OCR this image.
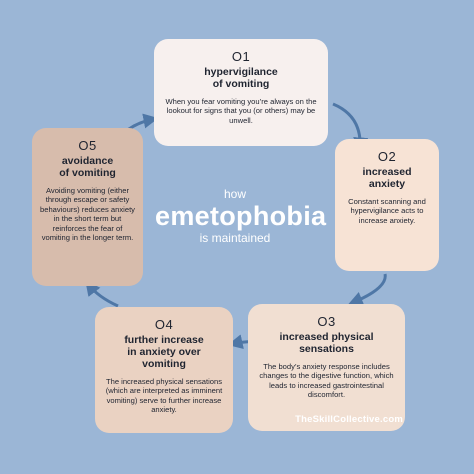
O1
hypervigilance
of vomiting
When you fear vomiting you’re always on the lookout for signs that you (or others) may be unwell.
O2
increased
anxiety
Constant scanning and hypervigilance acts to increase anxiety.
O3
increased physical
sensations
The body’s anxiety response includes changes to the digestive function, which leads to increased gastrointestinal discomfort.
O4
further increase
in anxiety over
vomiting
The increased physical sensations (which are interpreted as imminent vomiting) serve to further increase anxiety.
O5
avoidance
of vomiting
Avoiding vomiting (either through escape or safety behaviours) reduces anxiety in the short term but reinforces the fear of vomiting in the longer term.
how
emetophobia
is maintained
TheSkillCollective.com
